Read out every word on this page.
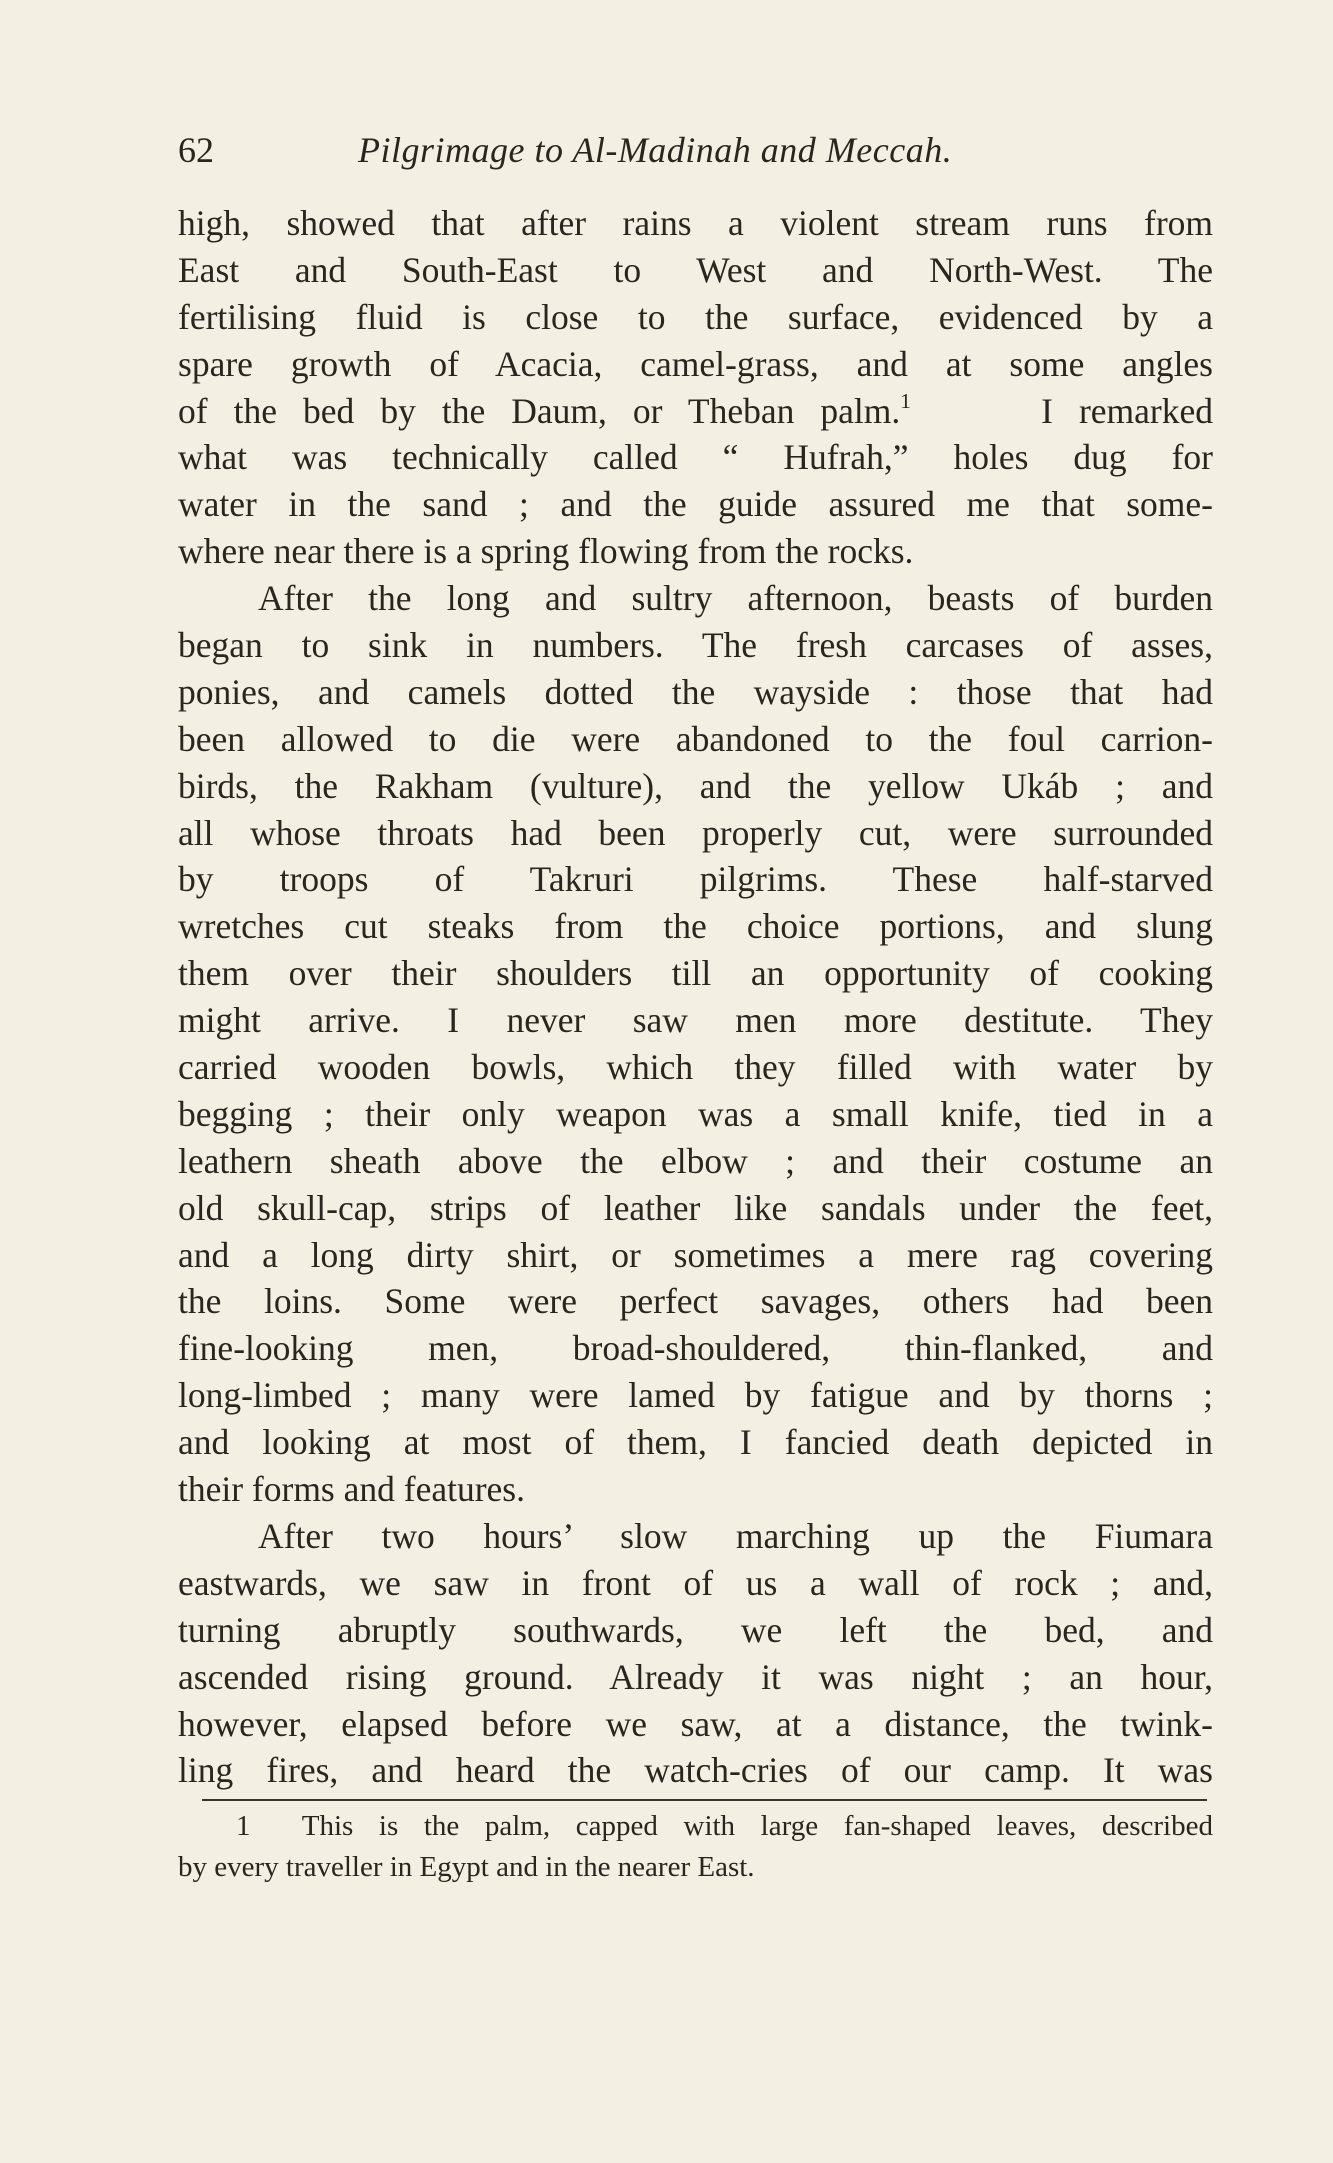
62	Pilgrimage to Al-Madinah and Meccah.
high, showed that after rains a violent stream runs from
East and South-East to West and North-West. The
fertilising fluid is close to the surface, evidenced by a
spare growth of Acacia, camel-grass, and at some angles
of the bed by the Daum, or Theban palm.$^1$	I remarked
what was technically called “ Hufrah,” holes dug for
water in the sand ; and the guide assured me that some-
where near there is a spring flowing from the rocks.
After the long and sultry afternoon, beasts of burden
began to sink in numbers. The fresh carcases of asses,
ponies, and camels dotted the wayside : those that had
been allowed to die were abandoned to the foul carrion-
birds, the Rakham (vulture), and the yellow Ukáb ; and
all whose throats had been properly cut, were surrounded
by troops of Takruri pilgrims. These half-starved
wretches cut steaks from the choice portions, and slung
them over their shoulders till an opportunity of cooking
might arrive. I never saw men more destitute. They
carried wooden bowls, which they filled with water by
begging ; their only weapon was a small knife, tied in a
leathern sheath above the elbow ; and their costume an
old skull-cap, strips of leather like sandals under the feet,
and a long dirty shirt, or sometimes a mere rag covering
the loins. Some were perfect savages, others had been
fine-looking men, broad-shouldered, thin-flanked, and
long-limbed ; many were lamed by fatigue and by thorns ;
and looking at most of them, I fancied death depicted in
their forms and features.
After two hours’ slow marching up the Fiumara
eastwards, we saw in front of us a wall of rock ; and,
turning abruptly southwards, we left the bed, and
ascended rising ground. Already it was night ; an hour,
however, elapsed before we saw, at a distance, the twink-
ling fires, and heard the watch-cries of our camp. It was
1 This is the palm, capped with large fan-shaped leaves, described
by every traveller in Egypt and in the nearer East.
